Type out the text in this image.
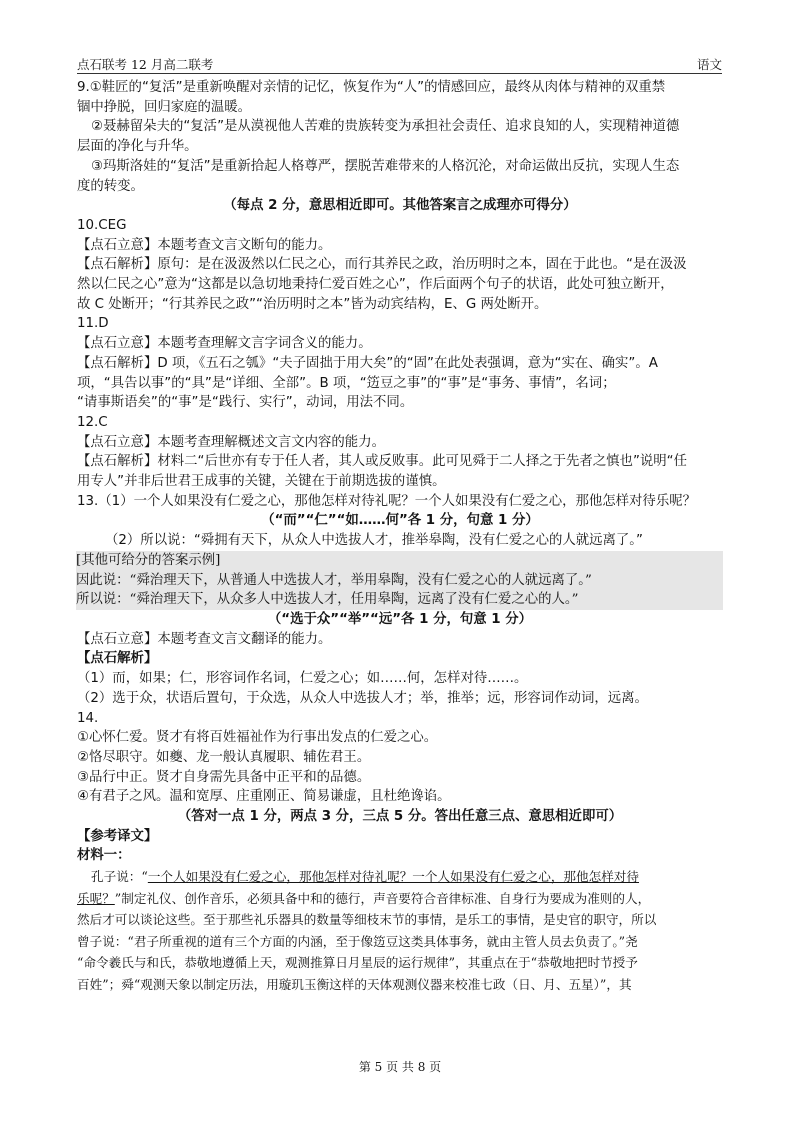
点石联考 12 月高二联考	语文

9.①鞋匠的“复活”是重新唤醒对亲情的记忆，恢复作为“人”的情感回应，最终从肉体与精神的双重禁

锢中挣脱，回归家庭的温暖。

②聂赫留朵夫的“复活”是从漠视他人苦难的贵族转变为承担社会责任、追求良知的人，实现精神道德

层面的净化与升华。

③玛斯洛娃的“复活”是重新拾起人格尊严，摆脱苦难带来的人格沉沦，对命运做出反抗，实现人生态

度的转变。

（每点 2 分，意思相近即可。其他答案言之成理亦可得分）

10.CEG

【点石立意】本题考查文言文断句的能力。

【点石解析】原句：是在汲汲然以仁民之心，而行其养民之政，治历明时之本，固在于此也。“是在汲汲

然以仁民之心”意为“这都是以急切地秉持仁爱百姓之心”，作后面两个句子的状语，此处可独立断开，

故 C 处断开；“行其养民之政”“治历明时之本”皆为动宾结构，E、G 两处断开。

11.D

【点石立意】本题考查理解文言字词含义的能力。

【点石解析】D 项，《五石之瓠》“夫子固拙于用大矣”的“固”在此处表强调，意为“实在、确实”。A

项，“具告以事”的“具”是“详细、全部”。B 项，“笾豆之事”的“事”是“事务、事情”，名词；

“请事斯语矣”的“事”是“践行、实行”，动词，用法不同。

12.C

【点石立意】本题考查理解概述文言文内容的能力。

【点石解析】材料二“后世亦有专于任人者，其人或反败事。此可见舜于二人择之于先者之慎也”说明“任

用专人”并非后世君王成事的关键，关键在于前期选拔的谨慎。

13.（1）一个人如果没有仁爱之心，那他怎样对待礼呢？一个人如果没有仁爱之心，那他怎样对待乐呢？

（“而”“仁”“如……何”各 1 分，句意 1 分）

（2）所以说：“舜拥有天下，从众人中选拔人才，推举皋陶，没有仁爱之心的人就远离了。”

[其他可给分的答案示例]

因此说：“舜治理天下，从普通人中选拔人才，举用皋陶，没有仁爱之心的人就远离了。”

所以说：“舜治理天下，从众多人中选拔人才，任用皋陶，远离了没有仁爱之心的人。”

（“选于众”“举”“远”各 1 分，句意 1 分）

【点石立意】本题考查文言文翻译的能力。

【点石解析】

（1）而，如果；仁，形容词作名词，仁爱之心；如……何，怎样对待……。

（2）选于众，状语后置句，于众选，从众人中选拔人才；举，推举；远，形容词作动词，远离。

14.

①心怀仁爱。贤才有将百姓福祉作为行事出发点的仁爱之心。

②恪尽职守。如夔、龙一般认真履职、辅佐君王。

③品行中正。贤才自身需先具备中正平和的品德。

④有君子之风。温和宽厚、庄重刚正、简易谦虚，且杜绝谗谄。

（答对一点 1 分，两点 3 分，三点 5 分。答出任意三点、意思相近即可）

【参考译文】

材料一：

孔子说：“一个人如果没有仁爱之心，那他怎样对待礼呢？一个人如果没有仁爱之心，那他怎样对待

乐呢？”制定礼仪、创作音乐，必须具备中和的德行，声音要符合音律标准、自身行为要成为准则的人，

然后才可以谈论这些。至于那些礼乐器具的数量等细枝末节的事情，是乐工的事情，是史官的职守，所以

曾子说：“君子所重视的道有三个方面的内涵，至于像笾豆这类具体事务，就由主管人员去负责了。”尧

“命令羲氏与和氏，恭敬地遵循上天，观测推算日月星辰的运行规律”，其重点在于“恭敬地把时节授予

百姓”；舜“观测天象以制定历法，用璇玑玉衡这样的天体观测仪器来校准七政（日、月、五星）”，其

第 5 页 共 8 页
